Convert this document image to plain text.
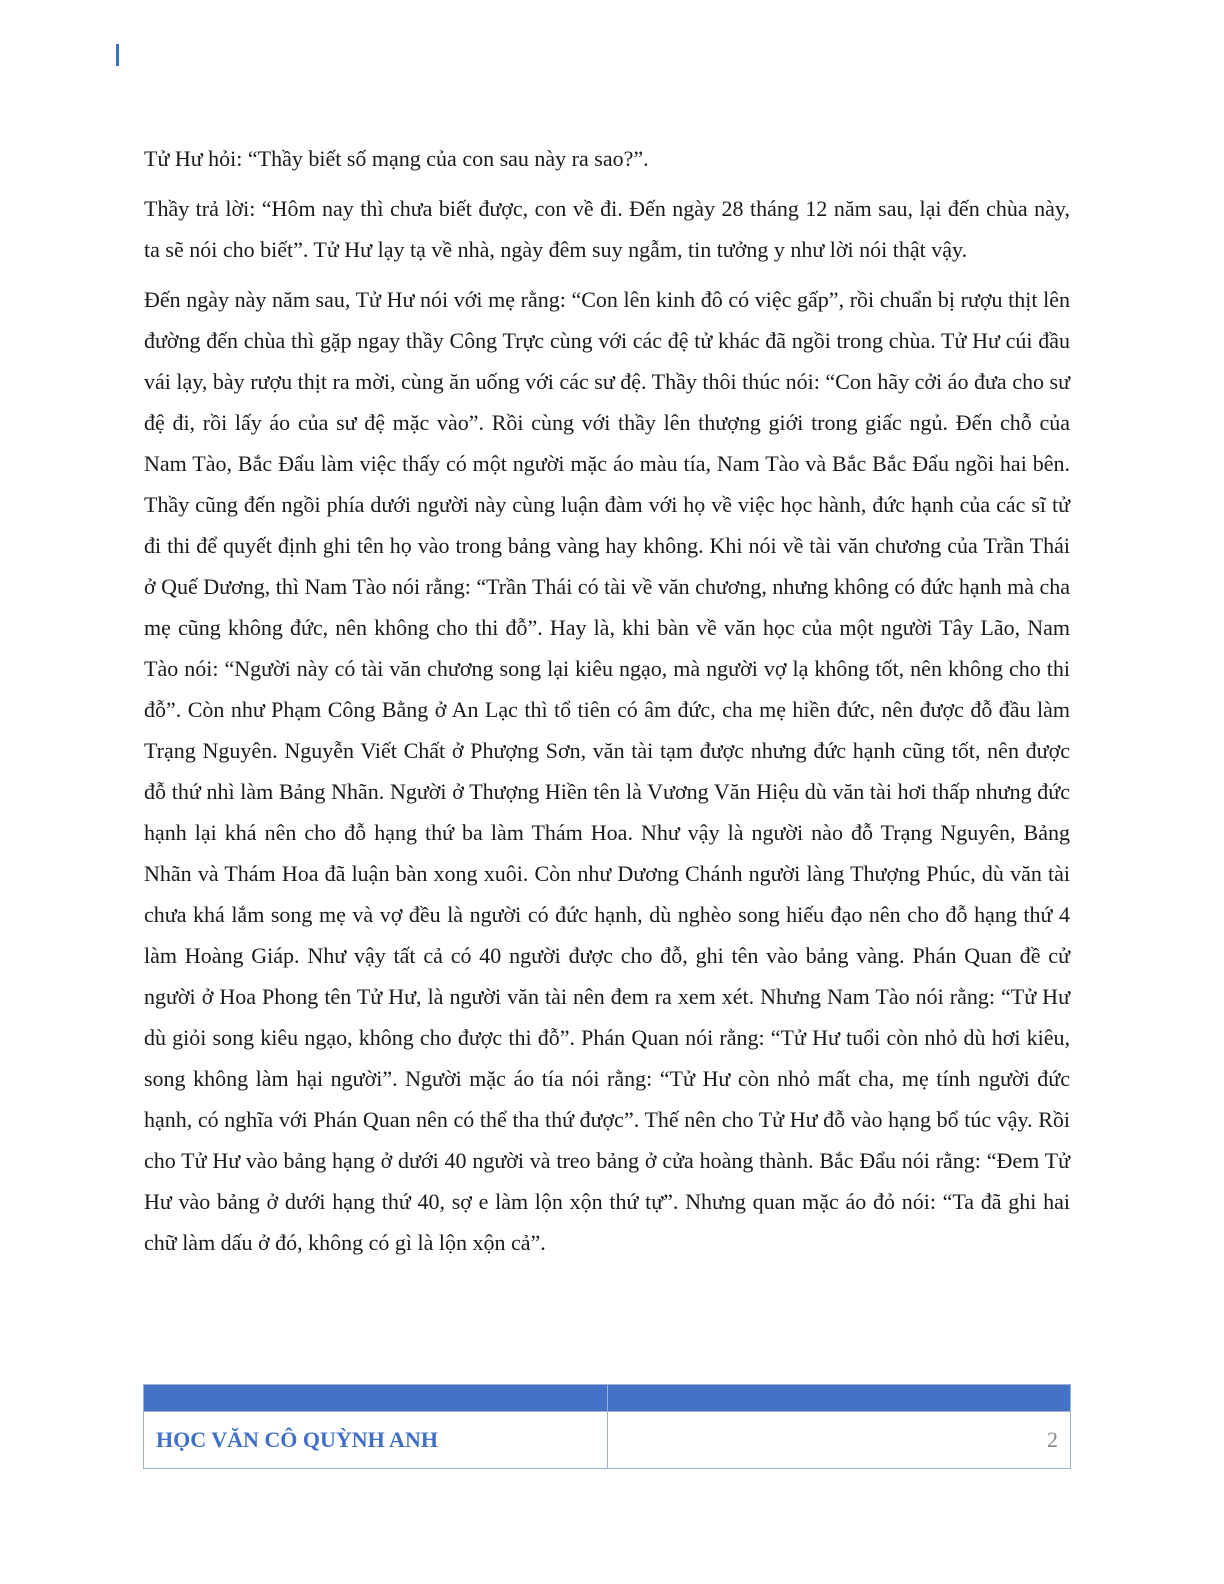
Tử Hư hỏi: “Thầy biết số mạng của con sau này ra sao?”.

Thầy trả lời: “Hôm nay thì chưa biết được, con về đi. Đến ngày 28 tháng 12 năm sau, lại đến chùa này, ta sẽ nói cho biết”. Tử Hư lạy tạ về nhà, ngày đêm suy ngẫm, tin tưởng y như lời nói thật vậy.

Đến ngày này năm sau, Tử Hư nói với mẹ rằng: “Con lên kinh đô có việc gấp”, rồi chuẩn bị rượu thịt lên đường đến chùa thì gặp ngay thầy Công Trực cùng với các đệ tử khác đã ngồi trong chùa. Tử Hư cúi đầu vái lạy, bày rượu thịt ra mời, cùng ăn uống với các sư đệ. Thầy thôi thúc nói: “Con hãy cởi áo đưa cho sư đệ đi, rồi lấy áo của sư đệ mặc vào”. Rồi cùng với thầy lên thượng giới trong giấc ngủ. Đến chỗ của Nam Tào, Bắc Đẩu làm việc thấy có một người mặc áo màu tía, Nam Tào và Bắc Bắc Đẩu ngồi hai bên. Thầy cũng đến ngồi phía dưới người này cùng luận đàm với họ về việc học hành, đức hạnh của các sĩ tử đi thi để quyết định ghi tên họ vào trong bảng vàng hay không. Khi nói về tài văn chương của Trần Thái ở Quế Dương, thì Nam Tào nói rằng: “Trần Thái có tài về văn chương, nhưng không có đức hạnh mà cha mẹ cũng không đức, nên không cho thi đỗ”. Hay là, khi bàn về văn học của một người Tây Lão, Nam Tào nói: “Người này có tài văn chương song lại kiêu ngạo, mà người vợ lạ không tốt, nên không cho thi đỗ”. Còn như Phạm Công Bằng ở An Lạc thì tổ tiên có âm đức, cha mẹ hiền đức, nên được đỗ đầu làm Trạng Nguyên. Nguyễn Viết Chất ở Phượng Sơn, văn tài tạm được nhưng đức hạnh cũng tốt, nên được đỗ thứ nhì làm Bảng Nhãn. Người ở Thượng Hiền tên là Vương Văn Hiệu dù văn tài hơi thấp nhưng đức hạnh lại khá nên cho đỗ hạng thứ ba làm Thám Hoa. Như vậy là người nào đỗ Trạng Nguyên, Bảng Nhãn và Thám Hoa đã luận bàn xong xuôi. Còn như Dương Chánh người làng Thượng Phúc, dù văn tài chưa khá lắm song mẹ và vợ đều là người có đức hạnh, dù nghèo song hiếu đạo nên cho đỗ hạng thứ 4 làm Hoàng Giáp. Như vậy tất cả có 40 người được cho đỗ, ghi tên vào bảng vàng. Phán Quan đề cử người ở Hoa Phong tên Tử Hư, là người văn tài nên đem ra xem xét. Nhưng Nam Tào nói rằng: “Tử Hư dù giỏi song kiêu ngạo, không cho được thi đỗ”. Phán Quan nói rằng: “Tử Hư tuổi còn nhỏ dù hơi kiêu, song không làm hại người”. Người mặc áo tía nói rằng: “Tử Hư còn nhỏ mất cha, mẹ tính người đức hạnh, có nghĩa với Phán Quan nên có thể tha thứ được”. Thế nên cho Tử Hư đỗ vào hạng bổ túc vậy. Rồi cho Tử Hư vào bảng hạng ở dưới 40 người và treo bảng ở cửa hoàng thành. Bắc Đẩu nói rằng: “Đem Tử Hư vào bảng ở dưới hạng thứ 40, sợ e làm lộn xộn thứ tự”. Nhưng quan mặc áo đỏ nói: “Ta đã ghi hai chữ làm dấu ở đó, không có gì là lộn xộn cả”.

HỌC VĂN CÔ QUỲNH ANH	2
